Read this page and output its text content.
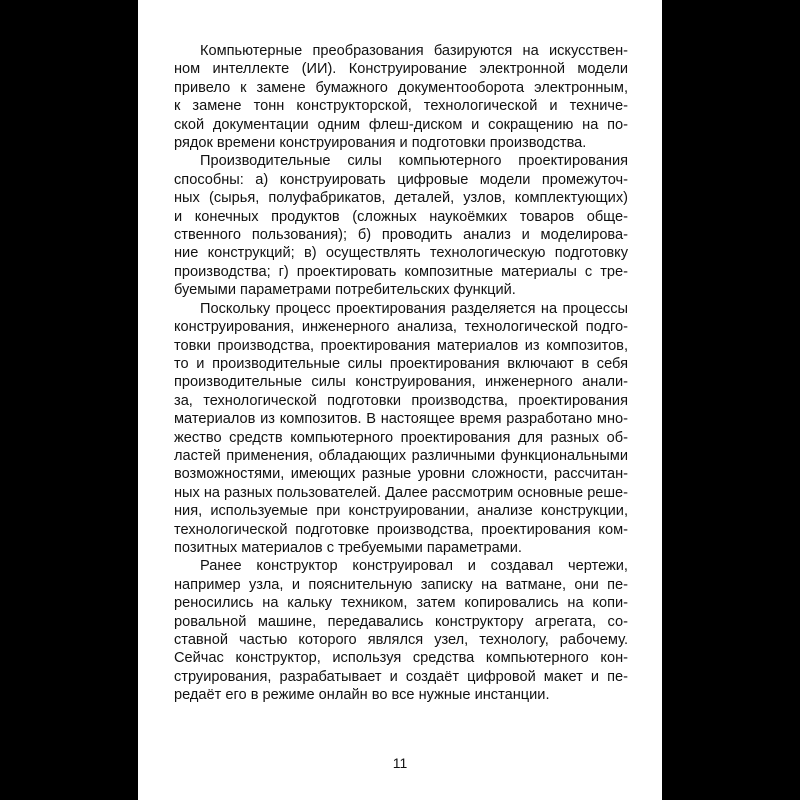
Компьютерные преобразования базируются на искусствен-
ном интеллекте (ИИ). Конструирование электронной модели
привело к замене бумажного документооборота электронным,
к замене тонн конструкторской, технологической и техниче-
ской документации одним флеш-диском и сокращению на по-
рядок времени конструирования и подготовки производства.

Производительные силы компьютерного проектирования
способны: а) конструировать цифровые модели промежуточ-
ных (сырья, полуфабрикатов, деталей, узлов, комплектующих)
и конечных продуктов (сложных наукоёмких товаров обще-
ственного пользования); б) проводить анализ и моделирова-
ние конструкций; в) осуществлять технологическую подготовку
производства; г) проектировать композитные материалы с тре-
буемыми параметрами потребительских функций.

Поскольку процесс проектирования разделяется на процессы
конструирования, инженерного анализа, технологической подго-
товки производства, проектирования материалов из композитов,
то и производительные силы проектирования включают в себя
производительные силы конструирования, инженерного анали-
за, технологической подготовки производства, проектирования
материалов из композитов. В настоящее время разработано мно-
жество средств компьютерного проектирования для разных об-
ластей применения, обладающих различными функциональными
возможностями, имеющих разные уровни сложности, рассчитан-
ных на разных пользователей. Далее рассмотрим основные реше-
ния, используемые при конструировании, анализе конструкции,
технологической подготовке производства, проектирования ком-
позитных материалов с требуемыми параметрами.

Ранее конструктор конструировал и создавал чертежи,
например узла, и пояснительную записку на ватмане, они пе-
реносились на кальку техником, затем копировались на копи-
ровальной машине, передавались конструктору агрегата, со-
ставной частью которого являлся узел, технологу, рабочему.
Сейчас конструктор, используя средства компьютерного кон-
струирования, разрабатывает и создаёт цифровой макет и пе-
редаёт его в режиме онлайн во все нужные инстанции.

11
